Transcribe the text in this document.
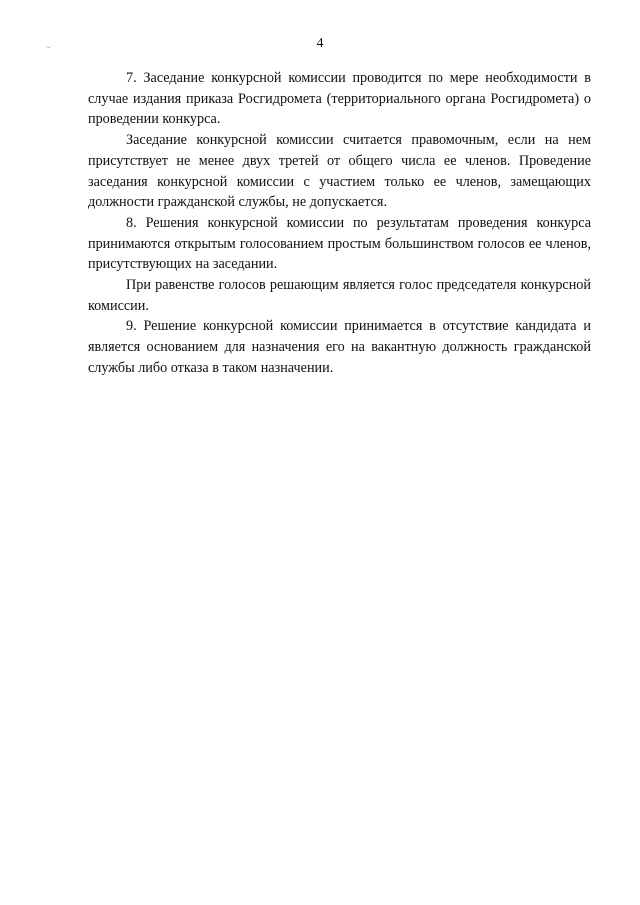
4

7. Заседание конкурсной комиссии проводится по мере необходимости в случае издания приказа Росгидромета (территориального органа Росгидромета) о проведении конкурса.

Заседание конкурсной комиссии считается правомочным, если на нем присутствует не менее двух третей от общего числа ее членов. Проведение заседания конкурсной комиссии с участием только ее членов, замещающих должности гражданской службы, не допускается.

8. Решения конкурсной комиссии по результатам проведения конкурса принимаются открытым голосованием простым большинством голосов ее членов, присутствующих на заседании.

При равенстве голосов решающим является голос председателя конкурсной комиссии.

9. Решение конкурсной комиссии принимается в отсутствие кандидата и является основанием для назначения его на вакантную должность гражданской службы либо отказа в таком назначении.
